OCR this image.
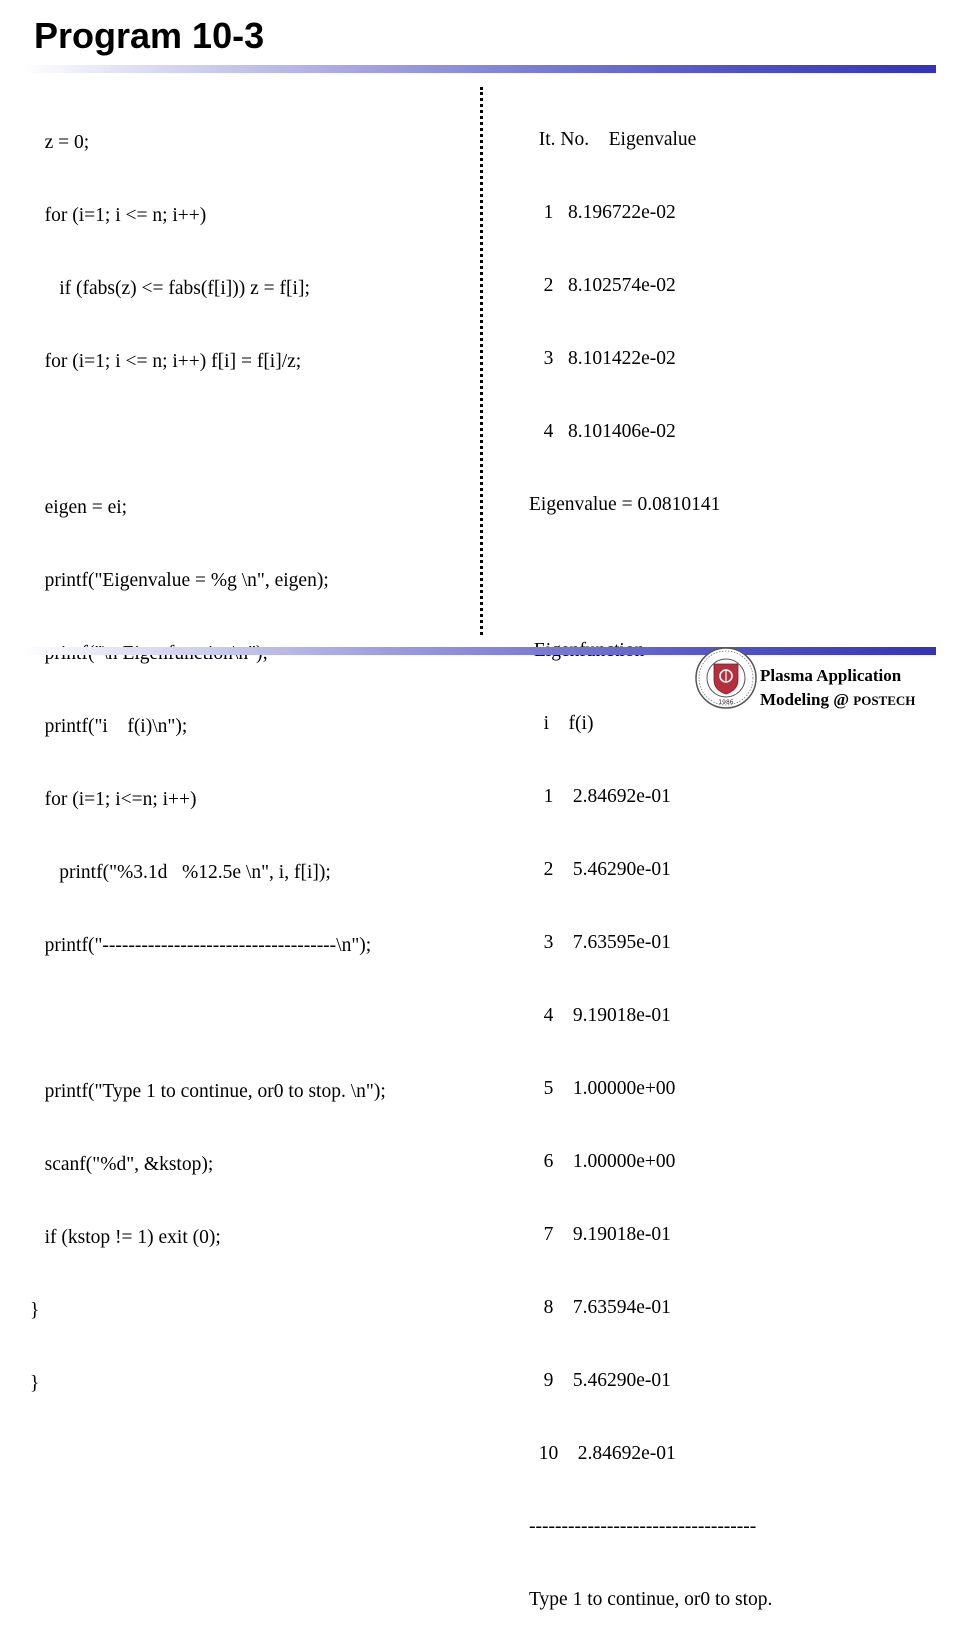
Program 10-3

z = 0;

for (i=1; i <= n; i++)

if (fabs(z) <= fabs(f[i])) z = f[i];

for (i=1; i <= n; i++) f[i] = f[i]/z;

eigen = ei;

printf("Eigenvalue = %g \n", eigen);

printf("i    f(i)\n");

for (i=1; i<=n; i++)

printf("%3.1d   %12.5e \n", i, f[i]);

printf("------------------------------------\n");

printf("Type 1 to continue, or0 to stop. \n");

scanf("%d", &kstop);

if (kstop != 1) exit (0);

}

}

It. No.    Eigenvalue

1   8.196722e-02

2   8.102574e-02

3   8.101422e-02

4   8.101406e-02

Eigenvalue = 0.0810141

i    f(i)

1    2.84692e-01

2    5.46290e-01

3    7.63595e-01

4    9.19018e-01

5    1.00000e+00

6    1.00000e+00

7    9.19018e-01

8    7.63594e-01

9    5.46290e-01

10    2.84692e-01

-----------------------------------

Type 1 to continue, or0 to stop.

1986
Plasma Application
Modeling @ POSTECH
